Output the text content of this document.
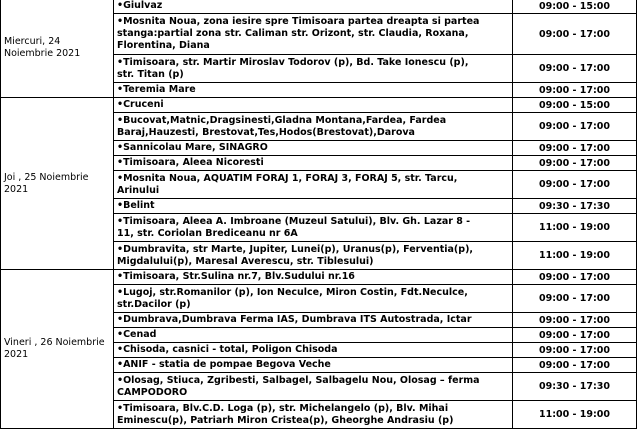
Miercuri, 24 Noiembrie 2021	•Giulvaz	09:00 - 15:00

	•Mosnita Noua, zona iesire spre Timisoara partea dreapta si partea
stanga:partial zona str. Caliman str. Orizont, str. Claudia, Roxana,
Florentina, Diana	09:00 - 17:00

	•Timisoara, str. Martir Miroslav Todorov (p), Bd. Take Ionescu (p),
str. Titan (p)	09:00 - 17:00

	•Teremia Mare	09:00 - 17:00
Joi , 25 Noiembrie 2021	•Cruceni	09:00 - 15:00

	•Bucovat,Matnic,Dragsinesti,Gladna Montana,Fardea, Fardea
Baraj,Hauzesti, Brestovat,Tes,Hodos(Brestovat),Darova	09:00 - 17:00

	•Sannicolau Mare, SINAGRO	09:00 - 17:00

	•Timisoara, Aleea Nicoresti	09:00 - 17:00

	•Mosnita Noua, AQUATIM FORAJ 1, FORAJ 3, FORAJ 5, str. Tarcu,
Arinului	09:00 - 17:00

	•Belint	09:30 - 17:30

	•Timisoara, Aleea A. Imbroane (Muzeul Satului), Blv. Gh. Lazar 8 -
11, str. Coriolan Brediceanu nr 6A	11:00 - 19:00

	•Dumbravita, str Marte, Jupiter, Lunei(p), Uranus(p), Ferventia(p),
Migdalului(p), Maresal Averescu, str. Tiblesului)	11:00 - 19:00
Vineri , 26 Noiembrie 2021	•Timisoara, Str.Sulina nr.7, Blv.Sudului nr.16	09:00 - 17:00

	•Lugoj, str.Romanilor (p), Ion Neculce, Miron Costin, Fdt.Neculce,
str.Dacilor (p)	09:00 - 17:00

	•Dumbrava,Dumbrava Ferma IAS, Dumbrava ITS Autostrada, Ictar	09:00 - 17:00

	•Cenad	09:00 - 17:00

	•Chisoda, casnici - total, Poligon Chisoda	09:00 - 17:00

	•ANIF - statia de pompae Begova Veche	09:00 - 17:00

	•Olosag, Stiuca, Zgribesti, Salbagel, Salbagelu Nou, Olosag – ferma
CAMPODORO	09:30 - 17:30

	•Timisoara, Blv.C.D. Loga (p), str. Michelangelo (p), Blv. Mihai
Eminescu(p), Patriarh Miron Cristea(p), Gheorghe Andrasiu (p)	11:00 - 19:00
